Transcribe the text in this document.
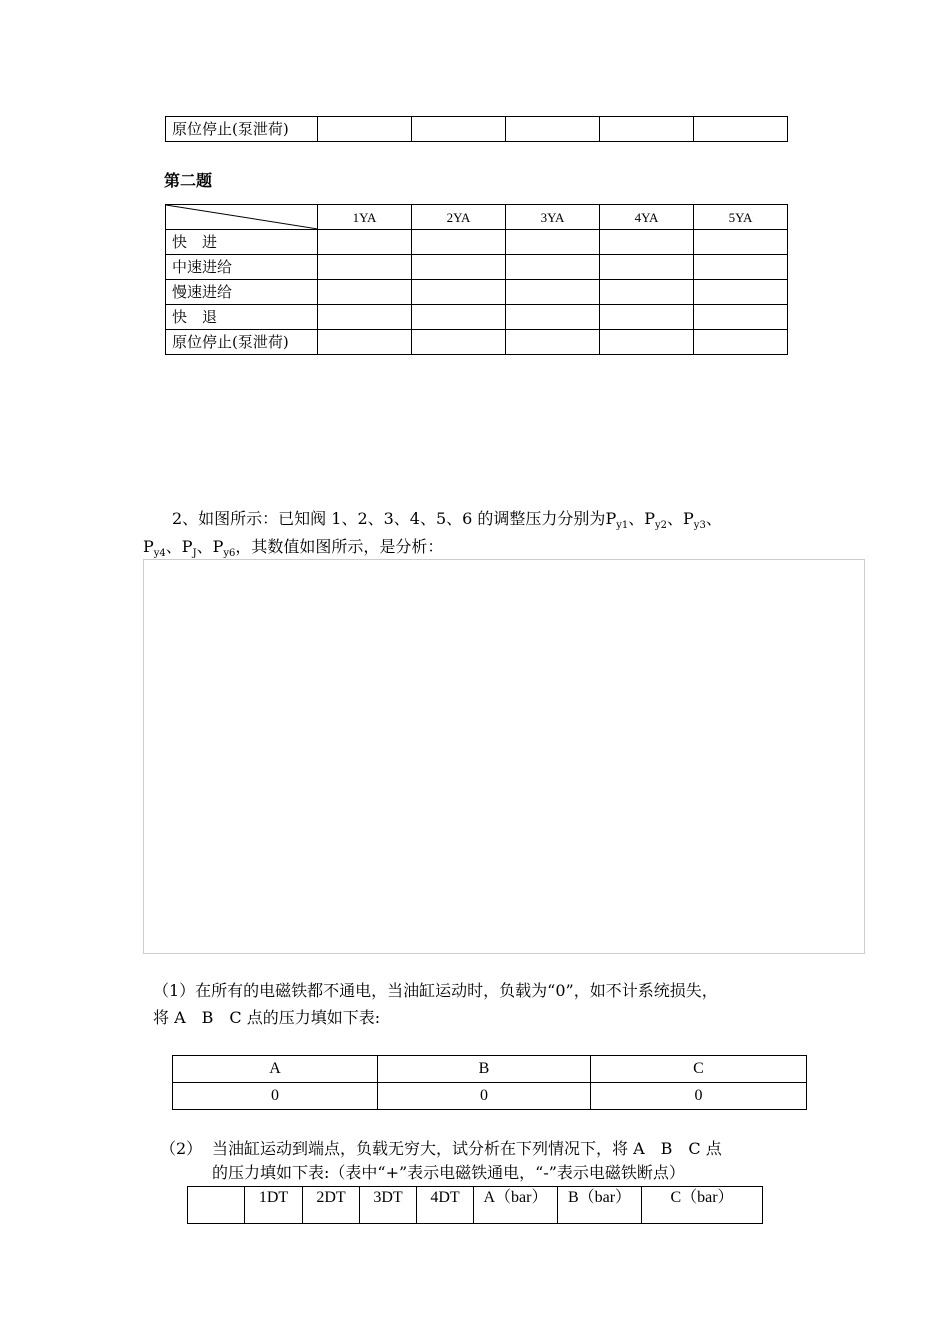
原位停止(泵泄荷)					
第二题
	1YA	2YA	3YA	4YA	5YA
快　进					
中速进给					
慢速进给					
快　退					
原位停止(泵泄荷)					
2、如图所示：已知阀 1、2、3、4、5、6 的调整压力分别为$P_{y1}$、$P_{y2}$、$P_{y3}$、
$P_{y4}$、$P_J$、$P_{y6}$，其数值如图所示，是分析：
（1）在所有的电磁铁都不通电，当油缸运动时，负载为“0”，如不计系统损失，
将 A　B　C 点的压力填如下表:
A	B	C
0	0	0
（2） 当油缸运动到端点，负载无穷大，试分析在下列情况下，将 A　B　C 点
的压力填如下表:（表中“+”表示电磁铁通电，“-”表示电磁铁断点）
	1DT	2DT	3DT	4DT	A（bar）	B（bar）	C（bar）
